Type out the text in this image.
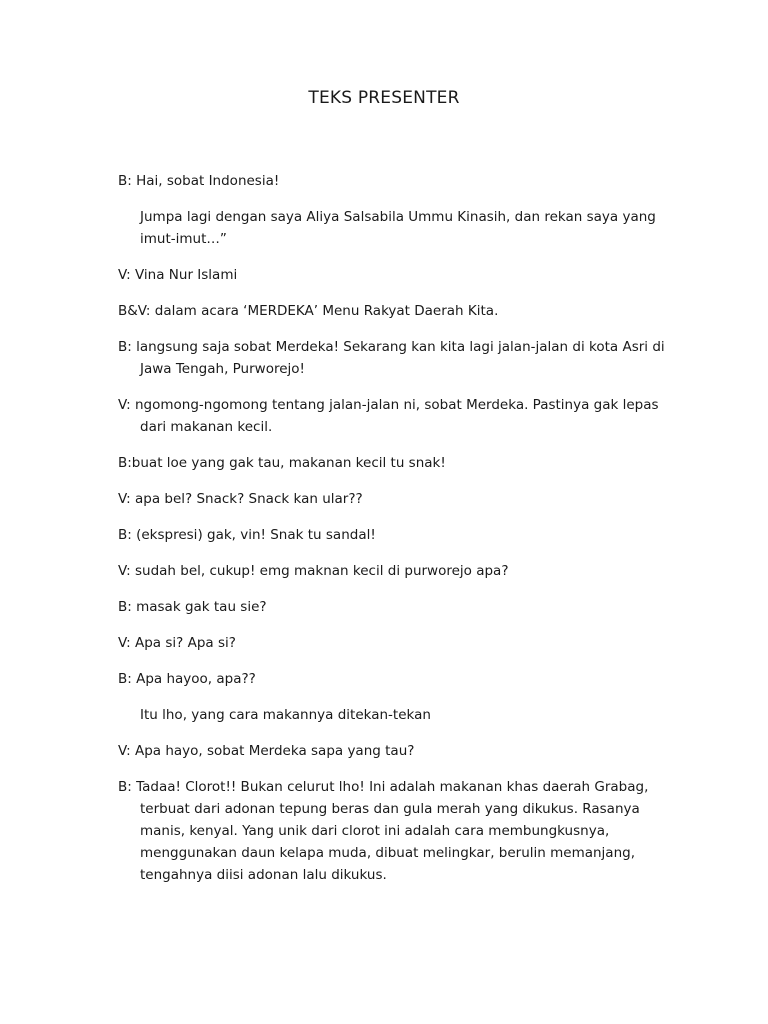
TEKS PRESENTER

B: Hai, sobat Indonesia!

Jumpa lagi dengan saya Aliya Salsabila Ummu Kinasih, dan rekan saya yang imut-imut…”

V: Vina Nur Islami

B&V: dalam acara ‘MERDEKA’ Menu Rakyat Daerah Kita.

B: langsung saja sobat Merdeka! Sekarang kan kita lagi jalan-jalan di kota Asri di Jawa Tengah, Purworejo!

V: ngomong-ngomong tentang jalan-jalan ni, sobat Merdeka. Pastinya gak lepas dari makanan kecil.

B:buat loe yang gak tau, makanan kecil tu snak!

V: apa bel? Snack? Snack kan ular??

B: (ekspresi) gak, vin! Snak tu sandal!

V: sudah bel, cukup! emg maknan kecil di purworejo apa?

B: masak gak tau sie?

V: Apa si? Apa si?

B: Apa hayoo, apa??

Itu lho, yang cara makannya ditekan-tekan

V: Apa hayo, sobat Merdeka sapa yang tau?

B: Tadaa! Clorot!! Bukan celurut lho! Ini adalah makanan khas daerah Grabag, terbuat dari adonan tepung beras dan gula merah yang dikukus. Rasanya manis, kenyal. Yang unik dari clorot ini adalah cara membungkusnya, menggunakan daun kelapa muda, dibuat melingkar, berulin memanjang, tengahnya diisi adonan lalu dikukus.
